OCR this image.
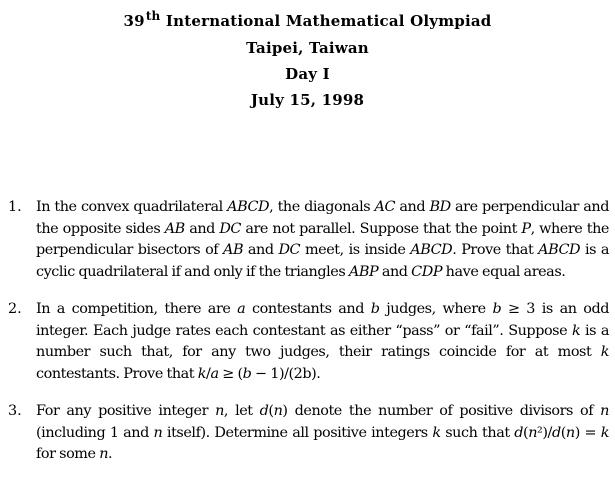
39th International Mathematical Olympiad
Taipei, Taiwan
Day I
July 15, 1998
1. In the convex quadrilateral ABCD, the diagonals AC and BD are perpendicular and the opposite sides AB and DC are not parallel. Suppose that the point P, where the perpendicular bisectors of AB and DC meet, is inside ABCD. Prove that ABCD is a cyclic quadrilateral if and only if the triangles ABP and CDP have equal areas.
2. In a competition, there are a contestants and b judges, where b ≥ 3 is an odd integer. Each judge rates each contestant as either “pass” or “fail”. Suppose k is a number such that, for any two judges, their ratings coincide for at most k contestants. Prove that k/a ≥ (b − 1)/(2b).
3. For any positive integer n, let d(n) denote the number of positive divisors of n (including 1 and n itself). Determine all positive integers k such that d(n²)/d(n) = k for some n.
